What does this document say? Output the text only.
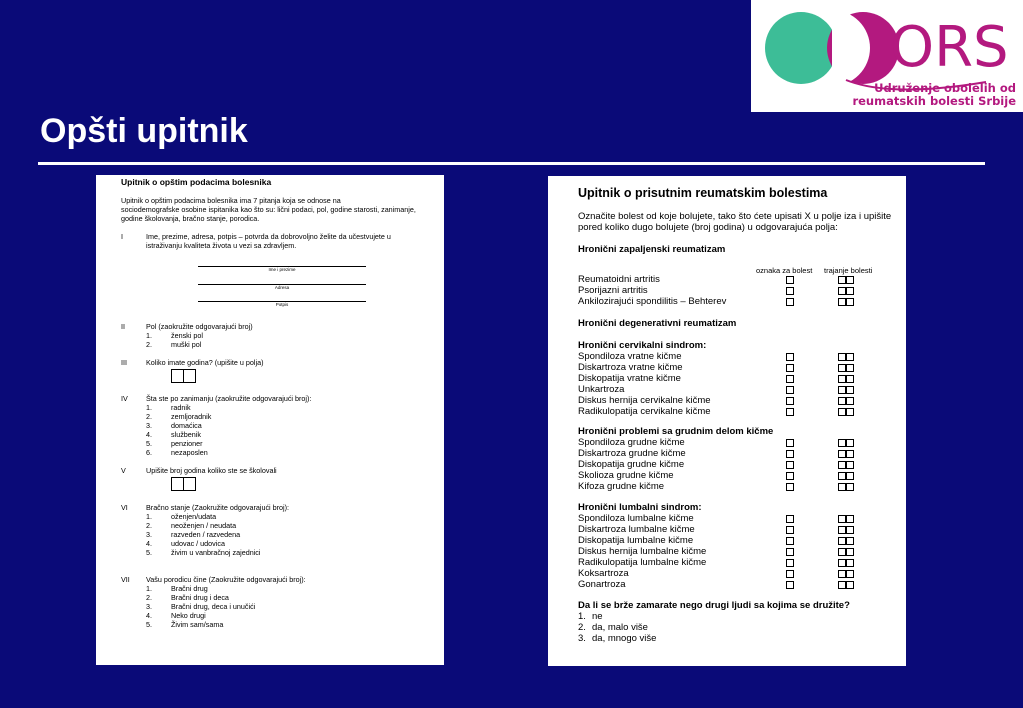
Opšti upitnik
ORS
Udruženje obolelih od
reumatskih bolesti Srbije
Upitnik o opštim podacima bolesnika
Upitnik o opštim podacima bolesnika ima 7 pitanja koja se odnose na
sociodemografske osobine ispitanika kao što su: lični podaci, pol, godine starosti, zanimanje,
godine školovanja, bračno stanje, porodica.
I	Ime, prezime, adresa, potpis – potvrda da dobrovoljno želite da učestvujete u
istraživanju kvaliteta života u vezi sa zdravljem.
Ime i prezime
Adresa
Potpis
II	Pol (zaokružite odgovarajući broj)
1.	ženski pol
2.	muški pol
III	Koliko imate godina? (upišite u polja)
IV	Šta ste po zanimanju (zaokružite odgovarajući broj):
1.	radnik
2.	zemljoradnik
3.	domaćica
4.	službenik
5.	penzioner
6.	nezaposlen
V	Upišite broj godina koliko ste se školovali
VI	Bračno stanje (Zaokružite odgovarajući broj):
1.	oženjen/udata
2.	neoženjen / neudata
3.	razveden / razvedena
4.	udovac / udovica
5.	živim u vanbračnoj zajednici
VII Vašu porodicu čine (Zaokružite odgovarajući broj):
1.	Bračni drug
2.	Bračni drug i deca
3.	Bračni drug, deca i unučići
4.	Neko drugi
5.	Živim sam/sama
Upitnik o prisutnim reumatskim bolestima
Označite bolest od koje bolujete, tako što ćete upisati X u polje iza i upišite
pored koliko dugo bolujete (broj godina) u odgovarajuća polja:
Hronični zapaljenski reumatizam
oznaka za bolest trajanje bolesti
Reumatoidni artritis
Psorijazni artritis
Ankilozirajući spondilitis – Behterev
Hronični degenerativni reumatizam
Hronični cervikalni sindrom:
Spondiloza vratne kičme
Diskartroza vratne kičme
Diskopatija vratne kičme
Unkartroza
Diskus hernija cervikalne kičme
Radikulopatija cervikalne kičme
Hronični problemi sa grudnim delom kičme
Spondiloza grudne kičme
Diskartroza grudne kičme
Diskopatija grudne kičme
Skolioza grudne kičme
Kifoza grudne kičme
Hronični lumbalni sindrom:
Spondiloza lumbalne kičme
Diskartroza lumbalne kičme
Diskopatija lumbalne kičme
Diskus hernija lumbalne kičme
Radikulopatija lumbalne kičme
Koksartroza
Gonartroza
Da li se brže zamarate nego drugi ljudi sa kojima se družite?
1. ne
2. da, malo više
3. da, mnogo više
